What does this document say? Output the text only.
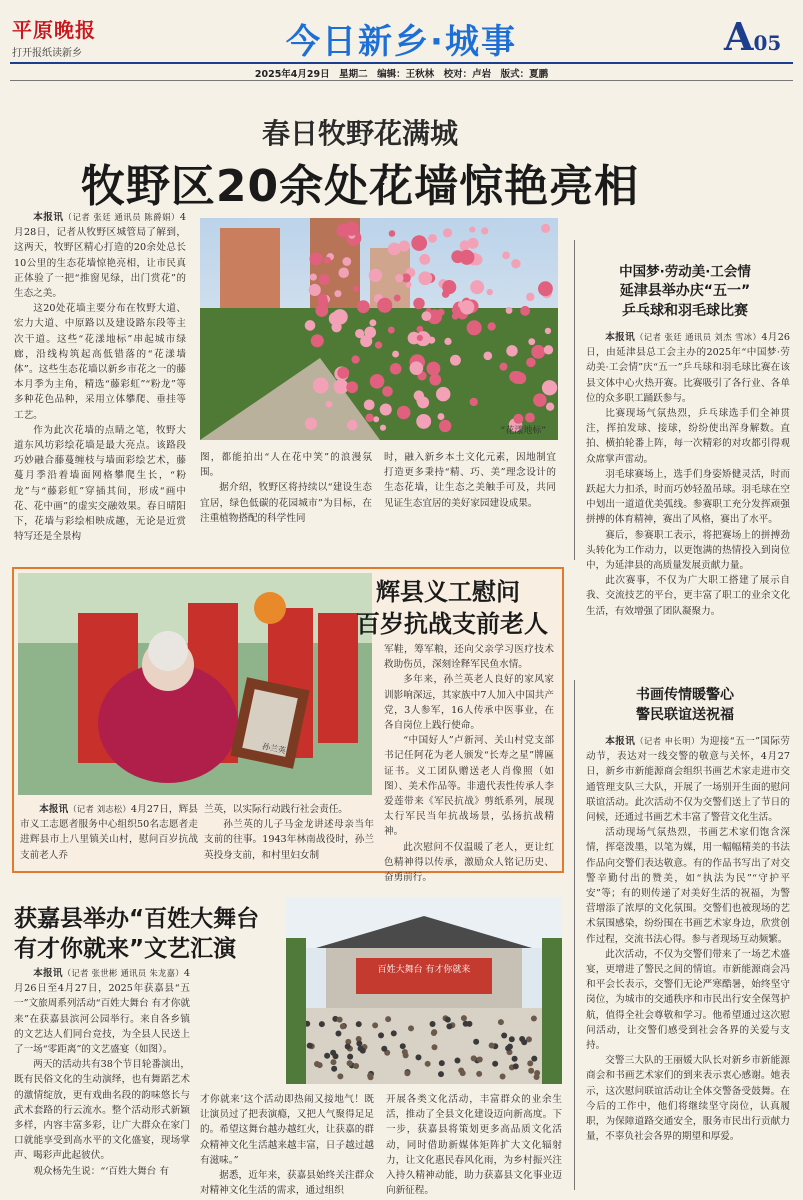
平原晚报
打开报纸读新乡	今日新乡·城事	A05
2025年4月29日　星期二　编辑：王秋林　校对：卢岩　版式：夏鹏
春日牧野花满城
牧野区20余处花墙惊艳亮相

本报讯（记者 张廷 通讯员 陈爵娟）4月28日，记者从牧野区城管局了解到，这两天，牧野区精心打造的20余处总长10公里的生态花墙惊艳亮相，让市民真正体验了一把“推窗见绿，出门赏花”的生态之美。

这20处花墙主要分布在牧野大道、宏力大道、中原路以及建设路东段等主次干道。这些“花漾地标”串起城市绿廊，沿线构筑起高低错落的“花漾墙体”。这些生态花墙以新乡市花之一的藤本月季为主角，精选“藤彩虹”“粉龙”等多种花色品种，采用立体攀爬、垂挂等工艺。

作为此次花墙的点睛之笔，牧野大道东风坊彩绘花墙是最大亮点。该路段巧妙融合藤蔓缠枝与墙面彩绘艺术，藤蔓月季沿着墙面网格攀爬生长，“粉龙”与“藤彩虹”穿插其间，形成“画中花、花中画”的虚实交融效果。春日晴阳下，花墙与彩绘相映成趣，无论是近赏特写还是全景构

“花漾地标”

图，都能拍出“人在花中笑”的浪漫氛围。

据介绍，牧野区将持续以“建设生态宜居，绿色低碳的花园城市”为目标，在注重植物搭配的科学性同

时，融入新乡本土文化元素，因地制宜打造更多秉持“精、巧、美”理念设计的生态花墙，让生态之美触手可及，共同见证生态宜居的美好家园建设成果。

中国梦·劳动美·工会情
延津县举办庆“五一”
乒乓球和羽毛球比赛

本报讯（记者 张廷 通讯员 刘杰 雪冰）4月26日，由延津县总工会主办的2025年“中国梦·劳动美·工会情”庆“五一”乒乓球和羽毛球比赛在该县文体中心火热开赛。比赛吸引了各行业、各单位的众多职工踊跃参与。

比赛现场气氛热烈，乒乓球选手们全神贯注，挥拍发球、接球，纷纷使出浑身解数。直拍、横拍轮番上阵，每一次精彩的对攻都引得观众席掌声雷动。

羽毛球赛场上，选手们身姿矫健灵活，时而跃起大力扣杀，时而巧妙轻盈吊球。羽毛球在空中划出一道道优美弧线。参赛职工充分发挥顽强拼搏的体育精神，赛出了风格，赛出了水平。

赛后，参赛职工表示，将把赛场上的拼搏劲头转化为工作动力，以更饱满的热情投入到岗位中，为延津县的高质量发展贡献力量。

此次赛事，不仅为广大职工搭建了展示自我、交流技艺的平台，更丰富了职工的业余文化生活，有效增强了团队凝聚力。

孙兰英
辉县义工慰问
百岁抗战支前老人

军鞋，筹军粮，还向父亲学习医疗技术救助伤员，深刻诠释军民鱼水情。

多年来，孙兰英老人良好的家风家训影响深远，其家族中7人加入中国共产党，3人参军，16人传承中医事业，在各自岗位上践行使命。

“中国好人”卢新河、关山村党支部书记任阿花为老人颁发“长寿之星”牌匾证书。义工团队赠送老人肖像照（如图）、美术作品等。非遗代表性传承人李爱莲带来《军民抗战》剪纸系列，展现太行军民当年抗战场景，弘扬抗战精神。

此次慰问不仅温暖了老人，更让红色精神得以传承，激励众人铭记历史、奋勇前行。

本报讯（记者 刘志松）4月27日，辉县市义工志愿者服务中心组织50名志愿者走进辉县市上八里镇关山村，慰问百岁抗战支前老人乔

兰英，以实际行动践行社会责任。

孙兰英的儿子马金龙讲述母亲当年支前的往事。1943年林南战役时，孙兰英投身支前，和村里妇女制

书画传情暖警心
警民联谊送祝福

本报讯（记者 申长明）为迎接“五一”国际劳动节，表达对一线交警的敬意与关怀，4月27日，新乡市新能源商会组织书画艺术家走进市交通管理支队三大队，开展了一场别开生面的慰问联谊活动。此次活动不仅为交警们送上了节日的问候，还通过书画艺术丰富了警营文化生活。

活动现场气氛热烈，书画艺术家们饱含深情，挥毫泼墨，以笔为媒，用一幅幅精美的书法作品向交警们表达敬意。有的作品书写出了对交警辛勤付出的赞美，如“执法为民”“守护平安”等；有的则传递了对美好生活的祝福，为警营增添了浓厚的文化氛围。交警们也被现场的艺术氛围感染，纷纷围在书画艺术家身边，欣赏创作过程，交流书法心得。参与者现场互动频繁。

此次活动，不仅为交警们带来了一场艺术盛宴，更增进了警民之间的情谊。市新能源商会冯和平会长表示，交警们无论严寒酷暑，始终坚守岗位，为城市的交通秩序和市民出行安全保驾护航，值得全社会尊敬和学习。他希望通过这次慰问活动，让交警们感受到社会各界的关爱与支持。

交警三大队的王丽媛大队长对新乡市新能源商会和书画艺术家们的到来表示衷心感谢。她表示，这次慰问联谊活动让全体交警备受鼓舞。在今后的工作中，他们将继续坚守岗位，认真履职，为保障道路交通安全，服务市民出行贡献力量，不辜负社会各界的期望和厚爱。

获嘉县举办“百姓大舞台
有才你就来”文艺汇演
百姓大舞台 有才你就来

本报讯（记者 张世彬 通讯员 朱龙嘉）4月26日至4月27日，2025年获嘉县“五一”文旅周系列活动“百姓大舞台 有才你就来”在获嘉县滨河公园举行。来自各乡镇的文艺达人们同台竞技，为全县人民送上了一场“零距离”的文艺盛宴（如图）。

两天的活动共有38个节目轮番演出，既有民俗文化的生动演绎，也有舞蹈艺术的激情绽放，更有戏曲名段的韵味悠长与武术套路的行云流水。整个活动形式新颖多样，内容丰富多彩，让广大群众在家门口就能享受到高水平的文化盛宴，现场掌声、喝彩声此起彼伏。

观众杨先生说：“‘百姓大舞台 有

才你就来’这个活动即热闹又接地气！既让演员过了把表演瘾，又把人气聚得足足的。希望这舞台越办越红火，让获嘉的群众精神文化生活越来越丰富，日子越过越有滋味。”

据悉，近年来，获嘉县始终关注群众对精神文化生活的需求，通过组织

开展各类文化活动，丰富群众的业余生活，推动了全县文化建设迈向新高度。下一步，获嘉县将策划更多高品质文化活动，同时借助新媒体矩阵扩大文化辐射力，让文化惠民春风化雨，为乡村振兴注入持久精神动能，助力获嘉县文化事业迈向新征程。
